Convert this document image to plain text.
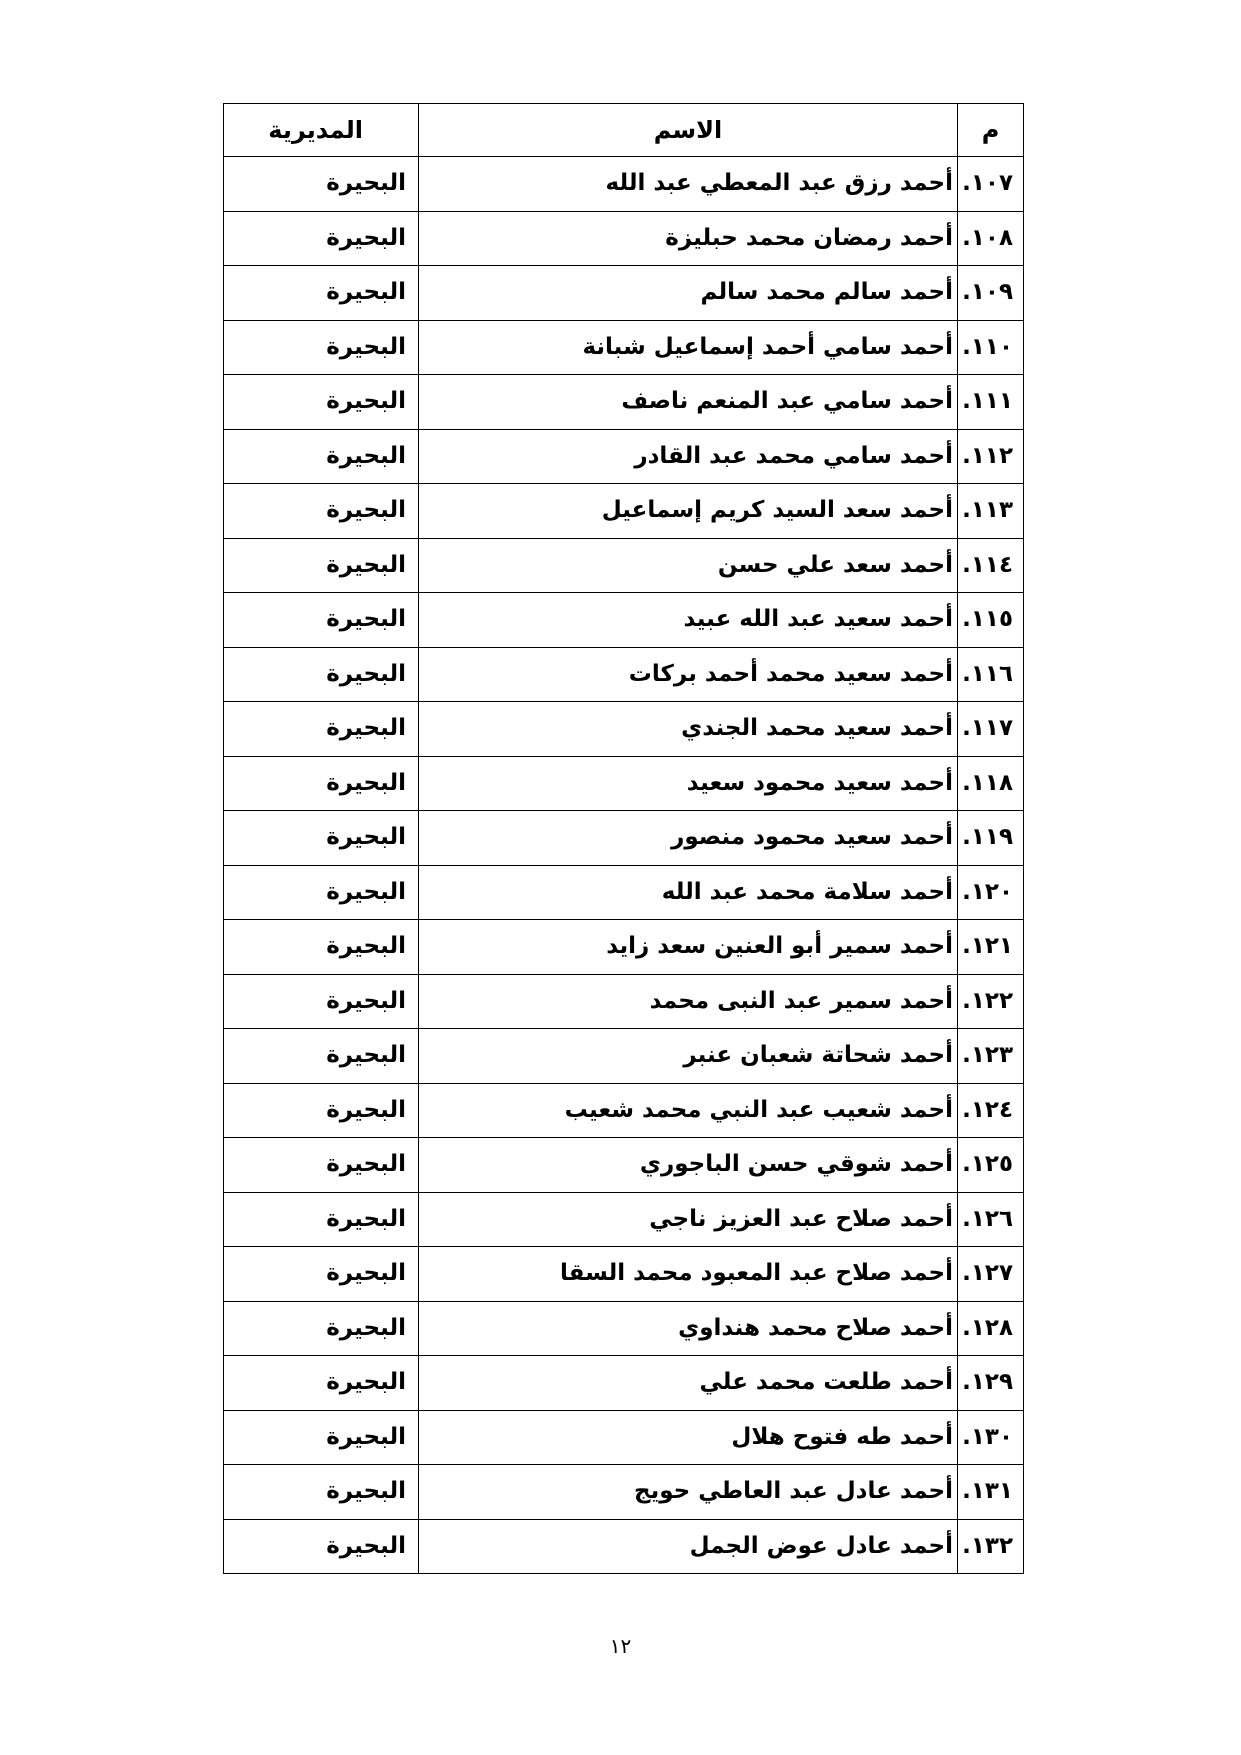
م	الاسم	المديرية
١٠٧.	أحمد رزق عبد المعطي عبد الله	البحيرة
١٠٨.	أحمد رمضان محمد حبليزة	البحيرة
١٠٩.	أحمد سالم محمد سالم	البحيرة
١١٠.	أحمد سامي أحمد إسماعيل شبانة	البحيرة
١١١.	أحمد سامي عبد المنعم ناصف	البحيرة
١١٢.	أحمد سامي محمد عبد القادر	البحيرة
١١٣.	أحمد سعد السيد كريم إسماعيل	البحيرة
١١٤.	أحمد سعد علي حسن	البحيرة
١١٥.	أحمد سعيد عبد الله عبيد	البحيرة
١١٦.	أحمد سعيد محمد أحمد بركات	البحيرة
١١٧.	أحمد سعيد محمد الجندي	البحيرة
١١٨.	أحمد سعيد محمود سعيد	البحيرة
١١٩.	أحمد سعيد محمود منصور	البحيرة
١٢٠.	أحمد سلامة محمد عبد الله	البحيرة
١٢١.	أحمد سمير أبو العنين سعد زايد	البحيرة
١٢٢.	أحمد سمير عبد النبى محمد	البحيرة
١٢٣.	أحمد شحاتة شعبان عنبر	البحيرة
١٢٤.	أحمد شعيب عبد النبي محمد شعيب	البحيرة
١٢٥.	أحمد شوقي حسن الباجوري	البحيرة
١٢٦.	أحمد صلاح عبد العزيز ناجي	البحيرة
١٢٧.	أحمد صلاح عبد المعبود محمد السقا	البحيرة
١٢٨.	أحمد صلاح محمد هنداوي	البحيرة
١٢٩.	أحمد طلعت محمد علي	البحيرة
١٣٠.	أحمد طه فتوح هلال	البحيرة
١٣١.	أحمد عادل عبد العاطي حويج	البحيرة
١٣٢.	أحمد عادل عوض الجمل	البحيرة
١٢
